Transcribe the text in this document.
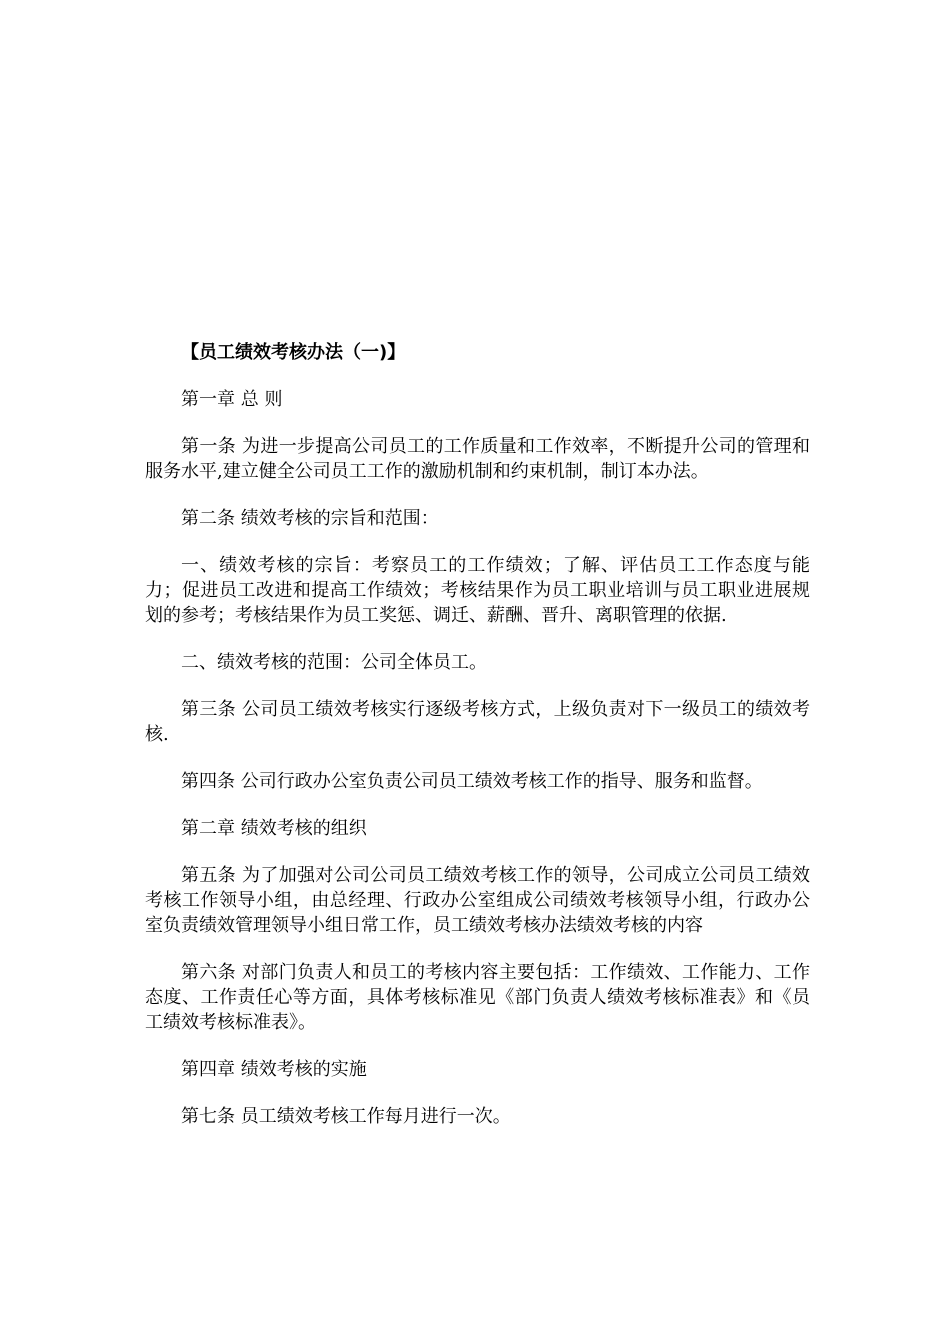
【员工绩效考核办法（一)】

第一章 总 则

第一条 为进一步提高公司员工的工作质量和工作效率，不断提升公司的管理和服务水平,建立健全公司员工工作的激励机制和约束机制，制订本办法。

第二条 绩效考核的宗旨和范围：

一、绩效考核的宗旨：考察员工的工作绩效；了解、评估员工工作态度与能力；促进员工改进和提高工作绩效；考核结果作为员工职业培训与员工职业进展规划的参考；考核结果作为员工奖惩、调迁、薪酬、晋升、离职管理的依据.

二、绩效考核的范围：公司全体员工。

第三条 公司员工绩效考核实行逐级考核方式，上级负责对下一级员工的绩效考核.

第四条 公司行政办公室负责公司员工绩效考核工作的指导、服务和监督。

第二章 绩效考核的组织

第五条 为了加强对公司公司员工绩效考核工作的领导，公司成立公司员工绩效考核工作领导小组，由总经理、行政办公室组成公司绩效考核领导小组，行政办公室负责绩效管理领导小组日常工作，员工绩效考核办法绩效考核的内容

第六条 对部门负责人和员工的考核内容主要包括：工作绩效、工作能力、工作态度、工作责任心等方面，具体考核标准见《部门负责人绩效考核标准表》和《员工绩效考核标准表》。

第四章 绩效考核的实施

第七条 员工绩效考核工作每月进行一次。
